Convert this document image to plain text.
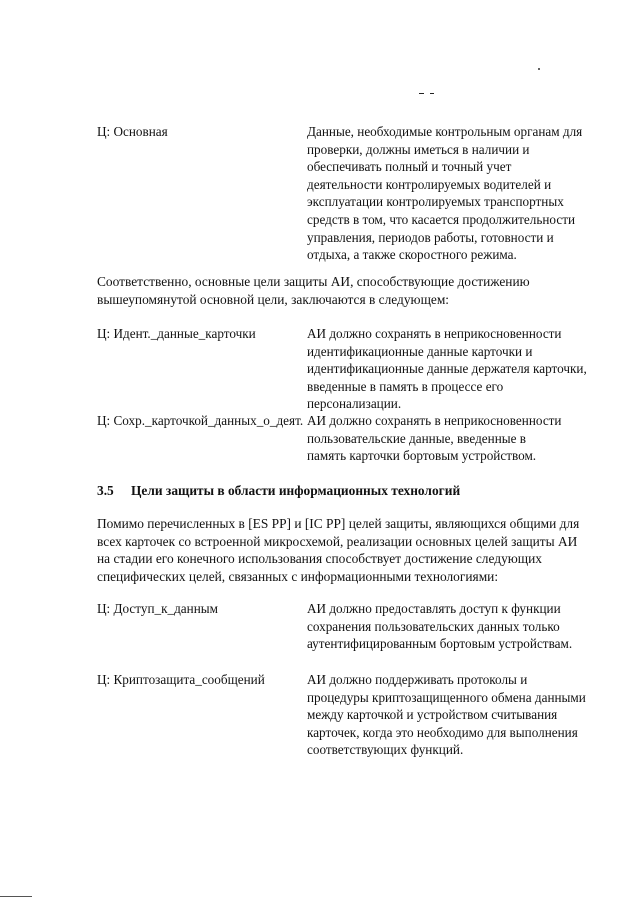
Ц: Основная	Данные, необходимые контрольным органам для проверки, должны иметься в наличии и обеспечивать полный и точный учет деятельности контролируемых водителей и эксплуатации контролируемых транспортных средств в том, что касается продолжительности управления, периодов работы, готовности и отдыха, а также скоростного режима.
Соответственно, основные цели защиты АИ, способствующие достижению вышеупомянутой основной цели, заключаются в следующем:
Ц: Идент._данные_карточки	АИ должно сохранять в неприкосновенности идентификационные данные карточки и идентификационные данные держателя карточки, введенные в память в процессе его персонализации.
Ц: Сохр._карточкой_данных_о_деят. АИ должно сохранять в неприкосновенности пользовательские данные, введенные в память карточки бортовым устройством.
3.5 Цели защиты в области информационных технологий
Помимо перечисленных в [ES PP] и [IC PP] целей защиты, являющихся общими для всех карточек со встроенной микросхемой, реализации основных целей защиты АИ на стадии его конечного использования способствует достижение следующих специфических целей, связанных с информационными технологиями:
Ц: Доступ_к_данным	АИ должно предоставлять доступ к функции сохранения пользовательских данных только аутентифицированным бортовым устройствам.
Ц: Криптозащита_сообщений	АИ должно поддерживать протоколы и процедуры криптозащищенного обмена данными между карточкой и устройством считывания карточек, когда это необходимо для выполнения соответствующих функций.
